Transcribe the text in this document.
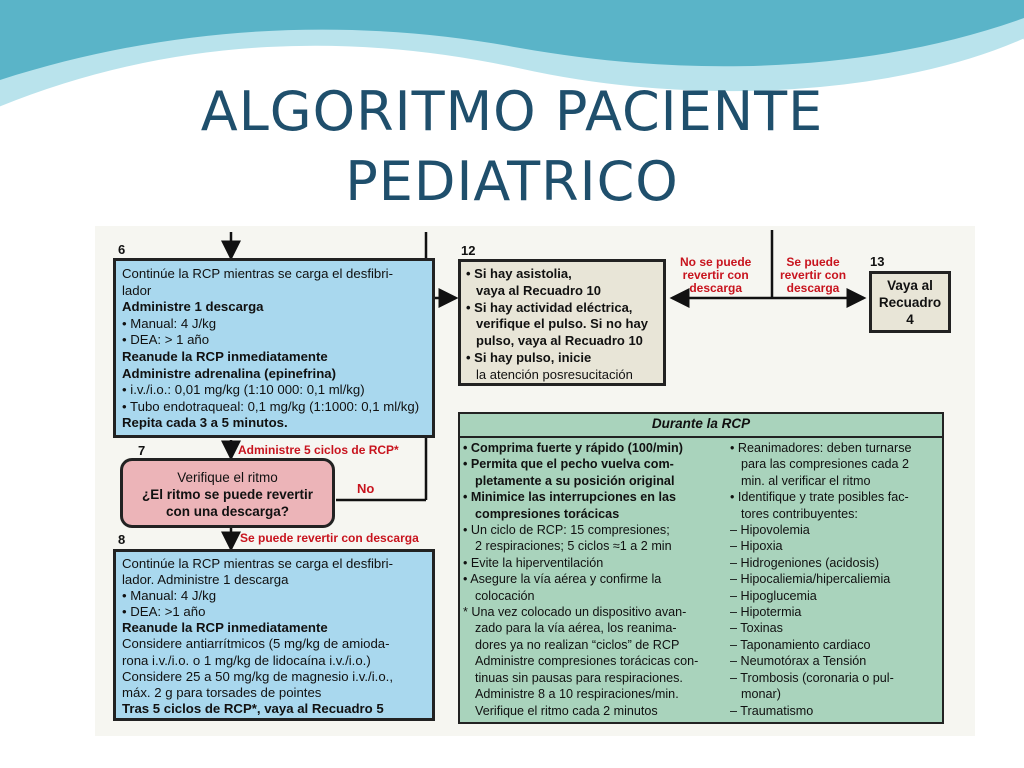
ALGORITMO PACIENTE
PEDIATRICO
6
Continúe la RCP mientras se carga el desfibri-
lador
Administre 1 descarga
• Manual: 4 J/kg
• DEA: > 1 año
Reanude la RCP inmediatamente
Administre adrenalina (epinefrina)
• i.v./i.o.: 0,01 mg/kg (1:10 000: 0,1 ml/kg)
• Tubo endotraqueal: 0,1 mg/kg (1:1000: 0,1 ml/kg)
Repita cada 3 a 5 minutos.
7	Administre 5 ciclos de RCP*
Verifique el ritmo
¿El ritmo se puede revertir
con una descarga?
No
8	Se puede revertir con descarga
Continúe la RCP mientras se carga el desfibri-
lador. Administre 1 descarga
• Manual: 4 J/kg
• DEA: >1 año
Reanude la RCP inmediatamente
Considere antiarrítmicos (5 mg/kg de amioda-
rona i.v./i.o. o 1 mg/kg de lidocaína i.v./i.o.)
Considere 25 a 50 mg/kg de magnesio i.v./i.o.,
máx. 2 g para torsades de pointes
Tras 5 ciclos de RCP*, vaya al Recuadro 5
12
• Si hay asistolia,
vaya al Recuadro 10
• Si hay actividad eléctrica,
verifique el pulso. Si no hay
pulso, vaya al Recuadro 10
• Si hay pulso, inicie
la atención posresucitación
No se puede
revertir con
descarga
Se puede
revertir con
descarga
13
Vaya al
Recuadro
4
Durante la RCP
• Comprima fuerte y rápido (100/min)
• Permita que el pecho vuelva com-
pletamente a su posición original
• Minimice las interrupciones en las
compresiones torácicas
• Un ciclo de RCP: 15 compresiones;
2 respiraciones; 5 ciclos ≈1 a 2 min
• Evite la hiperventilación
• Asegure la vía aérea y confirme la
colocación
* Una vez colocado un dispositivo avan-
zado para la vía aérea, los reanima-
dores ya no realizan “ciclos” de RCP
Administre compresiones torácicas con-
tinuas sin pausas para respiraciones.
Administre 8 a 10 respiraciones/min.
Verifique el ritmo cada 2 minutos
• Reanimadores: deben turnarse
para las compresiones cada 2
min. al verificar el ritmo
• Identifique y trate posibles fac-
tores contribuyentes:
– Hipovolemia
– Hipoxia
– Hidrogeniones (acidosis)
– Hipocaliemia/hipercaliemia
– Hipoglucemia
– Hipotermia
– Toxinas
– Taponamiento cardiaco
– Neumotórax a Tensión
– Trombosis (coronaria o pul-
monar)
– Traumatismo
